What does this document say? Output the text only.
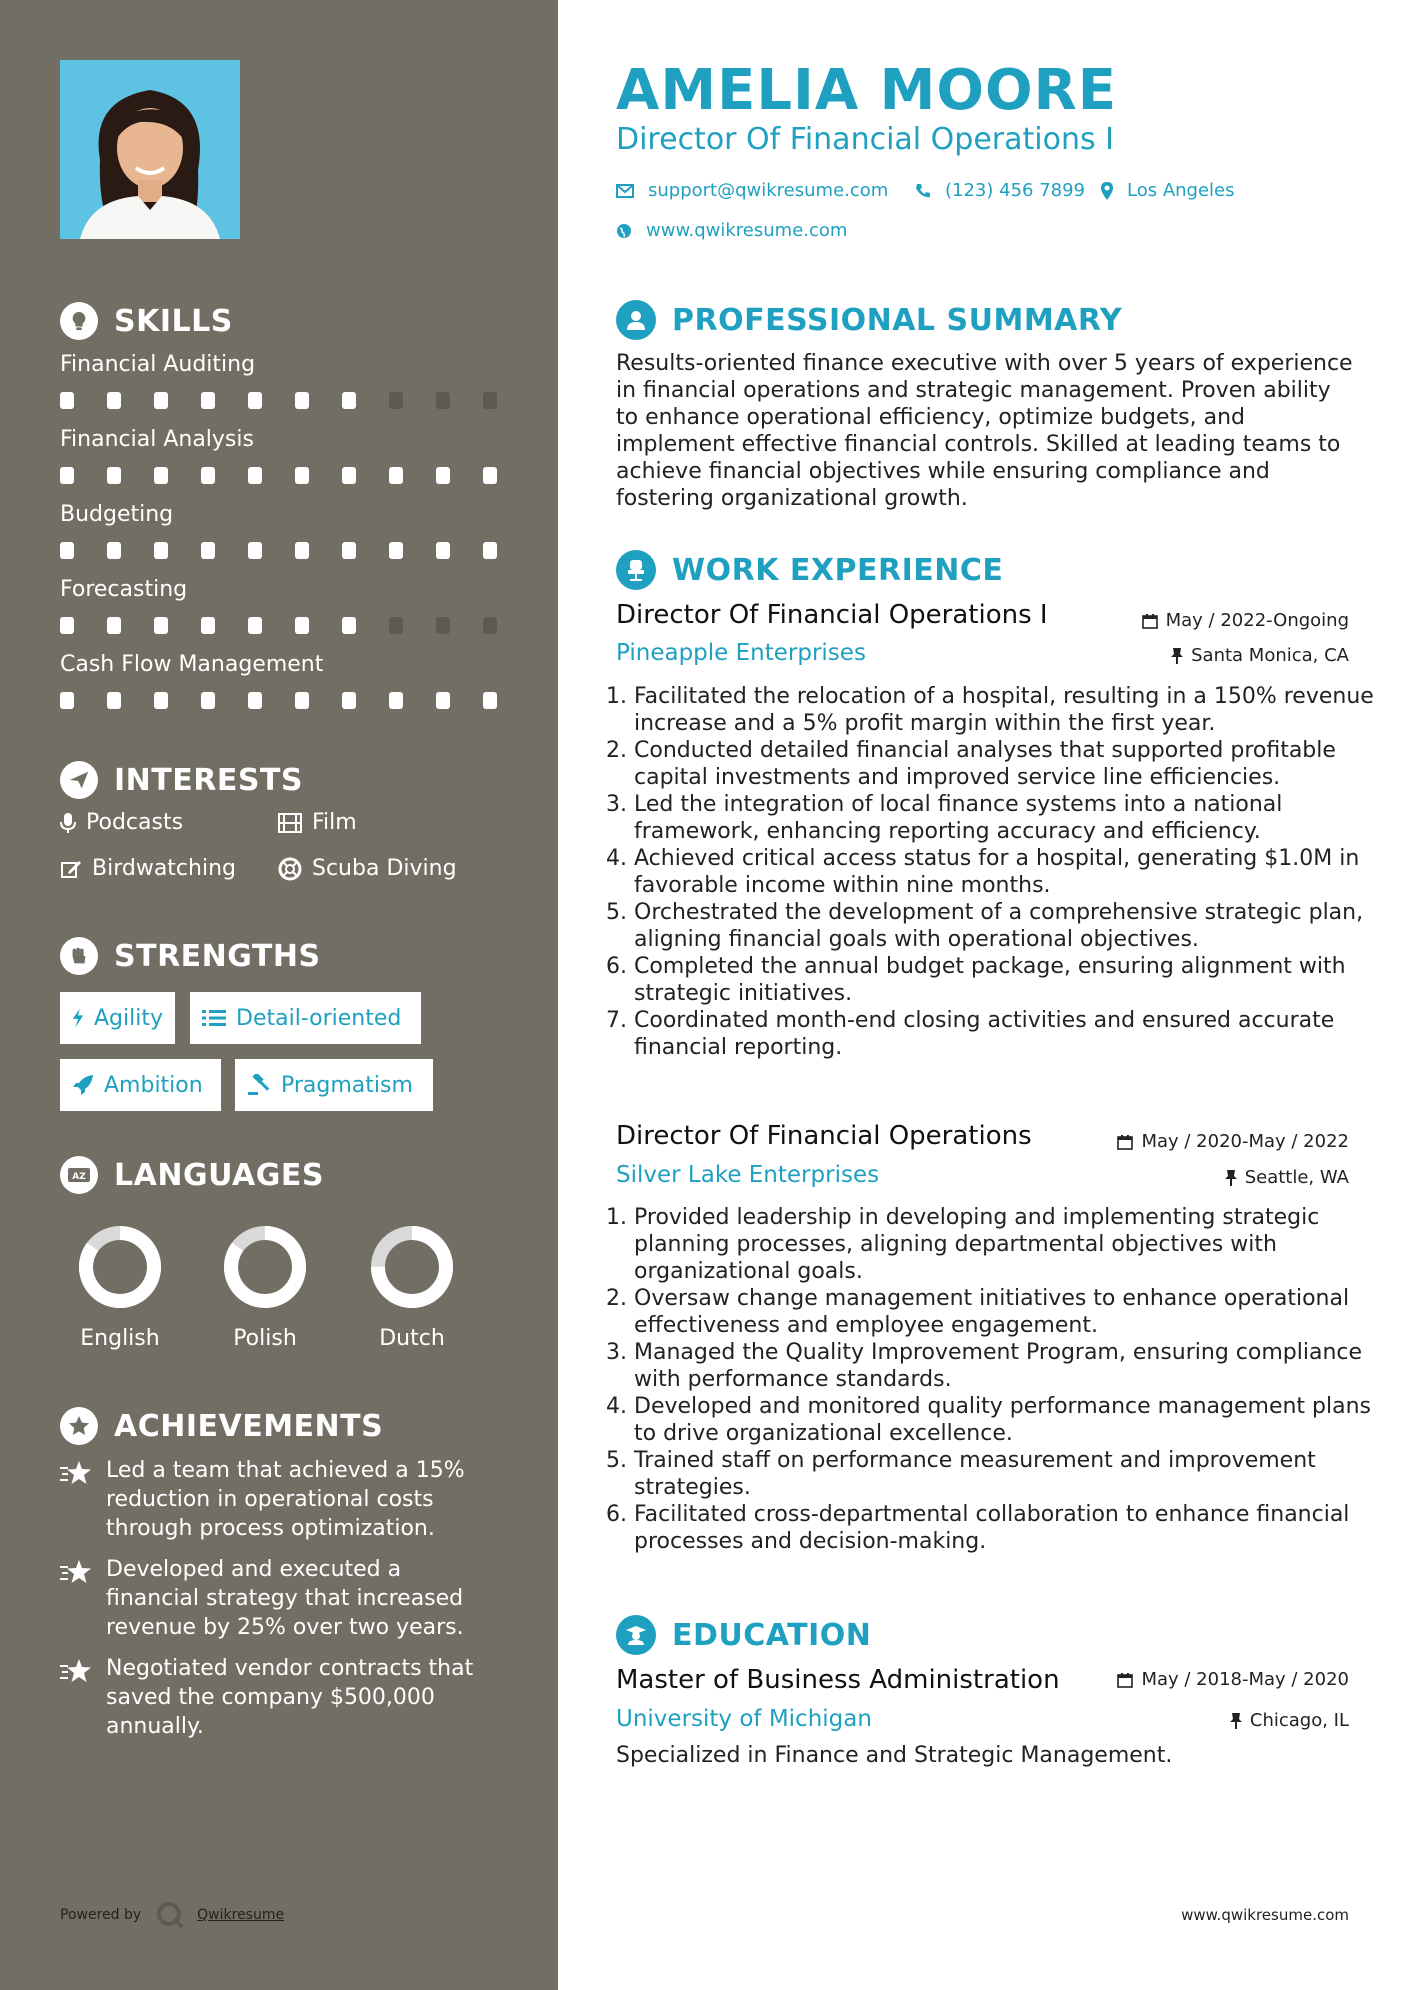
SKILLS
Financial Auditing
Financial Analysis
Budgeting
Forecasting
Cash Flow Management
INTERESTS
Podcasts	Film
Birdwatching	Scuba Diving
STRENGTHS
Agility	Detail-oriented
Ambition	Pragmatism
AZ LANGUAGES
English	Polish	Dutch
ACHIEVEMENTS
Led a team that achieved a 15% reduction in operational costs through process optimization.
Developed and executed a financial strategy that increased revenue by 25% over two years.
Negotiated vendor contracts that saved the company $500,000 annually.
Powered by	Qwikresume
AMELIA MOORE
Director Of Financial Operations I
support@qwikresume.com	(123) 456 7899 Los Angeles
www.qwikresume.com
PROFESSIONAL SUMMARY
Results-oriented finance executive with over 5 years of experience in financial operations and strategic management. Proven ability to enhance operational efficiency, optimize budgets, and implement effective financial controls. Skilled at leading teams to achieve financial objectives while ensuring compliance and fostering organizational growth.
WORK EXPERIENCE
Director Of Financial Operations I	May / 2022-Ongoing
Pineapple Enterprises	Santa Monica, CA
1. Facilitated the relocation of a hospital, resulting in a 150% revenue increase and a 5% profit margin within the first year.
2. Conducted detailed financial analyses that supported profitable capital investments and improved service line efficiencies.
3. Led the integration of local finance systems into a national framework, enhancing reporting accuracy and efficiency.
4. Achieved critical access status for a hospital, generating $1.0M in favorable income within nine months.
5. Orchestrated the development of a comprehensive strategic plan, aligning financial goals with operational objectives.
6. Completed the annual budget package, ensuring alignment with strategic initiatives.
7. Coordinated month-end closing activities and ensured accurate financial reporting.
Director Of Financial Operations	May / 2020-May / 2022
Silver Lake Enterprises	Seattle, WA
1. Provided leadership in developing and implementing strategic planning processes, aligning departmental objectives with organizational goals.
2. Oversaw change management initiatives to enhance operational effectiveness and employee engagement.
3. Managed the Quality Improvement Program, ensuring compliance with performance standards.
4. Developed and monitored quality performance management plans to drive organizational excellence.
5. Trained staff on performance measurement and improvement strategies.
6. Facilitated cross-departmental collaboration to enhance financial processes and decision-making.
EDUCATION
Master of Business Administration	May / 2018-May / 2020
University of Michigan	Chicago, IL
Specialized in Finance and Strategic Management.
www.qwikresume.com
